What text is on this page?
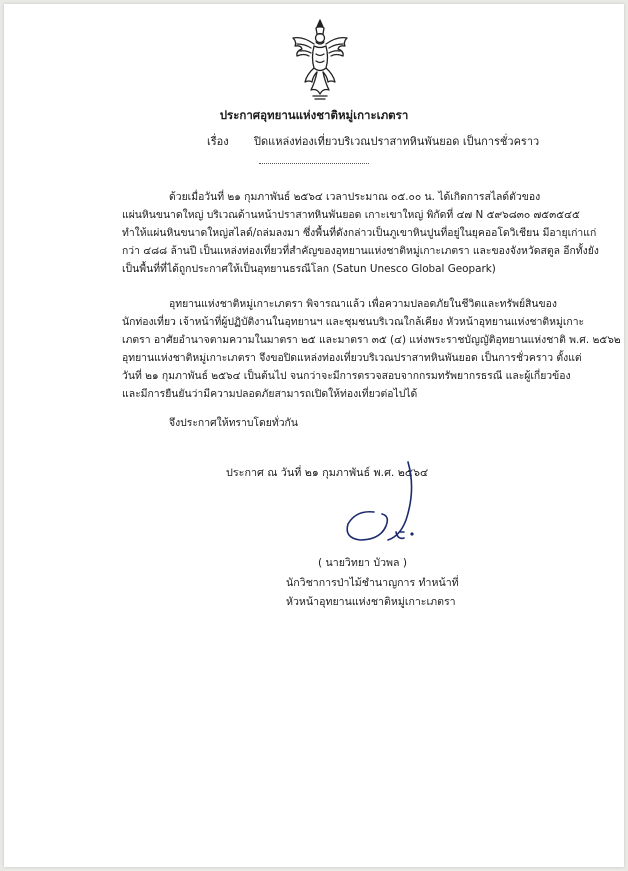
ประกาศอุทยานแห่งชาติหมู่เกาะเภตรา
เรื่อง ปิดแหล่งท่องเที่ยวบริเวณปราสาทหินพันยอด เป็นการชั่วคราว
ด้วยเมื่อวันที่ ๒๑ กุมภาพันธ์ ๒๕๖๔ เวลาประมาณ ๐๕.๐๐ น. ได้เกิดการสไลด์ตัวของ
แผ่นหินขนาดใหญ่ บริเวณด้านหน้าปราสาทหินพันยอด เกาะเขาใหญ่ พิกัดที่ ๔๗ N ๕๙๖๘๓๐ ๗๕๓๕๔๕
ทำให้แผ่นหินขนาดใหญ่สไลด์/ถล่มลงมา ซึ่งพื้นที่ดังกล่าวเป็นภูเขาหินปูนที่อยู่ในยุคออโดวิเชียน มีอายุเก่าแก่
กว่า ๔๘๘ ล้านปี เป็นแหล่งท่องเที่ยวที่สำคัญของอุทยานแห่งชาติหมู่เกาะเภตรา และของจังหวัดสตูล อีกทั้งยัง
เป็นพื้นที่ที่ได้ถูกประกาศให้เป็นอุทยานธรณีโลก (Satun Unesco Global Geopark)
อุทยานแห่งชาติหมู่เกาะเภตรา พิจารณาแล้ว เพื่อความปลอดภัยในชีวิตและทรัพย์สินของ
นักท่องเที่ยว เจ้าหน้าที่ผู้ปฏิบัติงานในอุทยานฯ และชุมชนบริเวณใกล้เคียง หัวหน้าอุทยานแห่งชาติหมู่เกาะ
เภตรา อาศัยอำนาจตามความในมาตรา ๒๕ และมาตรา ๓๕ (๔) แห่งพระราชบัญญัติอุทยานแห่งชาติ พ.ศ. ๒๕๖๒
อุทยานแห่งชาติหมู่เกาะเภตรา จึงขอปิดแหล่งท่องเที่ยวบริเวณปราสาทหินพันยอด เป็นการชั่วคราว ตั้งแต่
วันที่ ๒๑ กุมภาพันธ์ ๒๕๖๔ เป็นต้นไป จนกว่าจะมีการตรวจสอบจากกรมทรัพยากรธรณี และผู้เกี่ยวข้อง
และมีการยืนยันว่ามีความปลอดภัยสามารถเปิดให้ท่องเที่ยวต่อไปได้
จึงประกาศให้ทราบโดยทั่วกัน
ประกาศ ณ วันที่ ๒๑ กุมภาพันธ์ พ.ศ. ๒๕๖๔
( นายวิทยา บัวพล )
นักวิชาการป่าไม้ชำนาญการ ทำหน้าที่
หัวหน้าอุทยานแห่งชาติหมู่เกาะเภตรา
